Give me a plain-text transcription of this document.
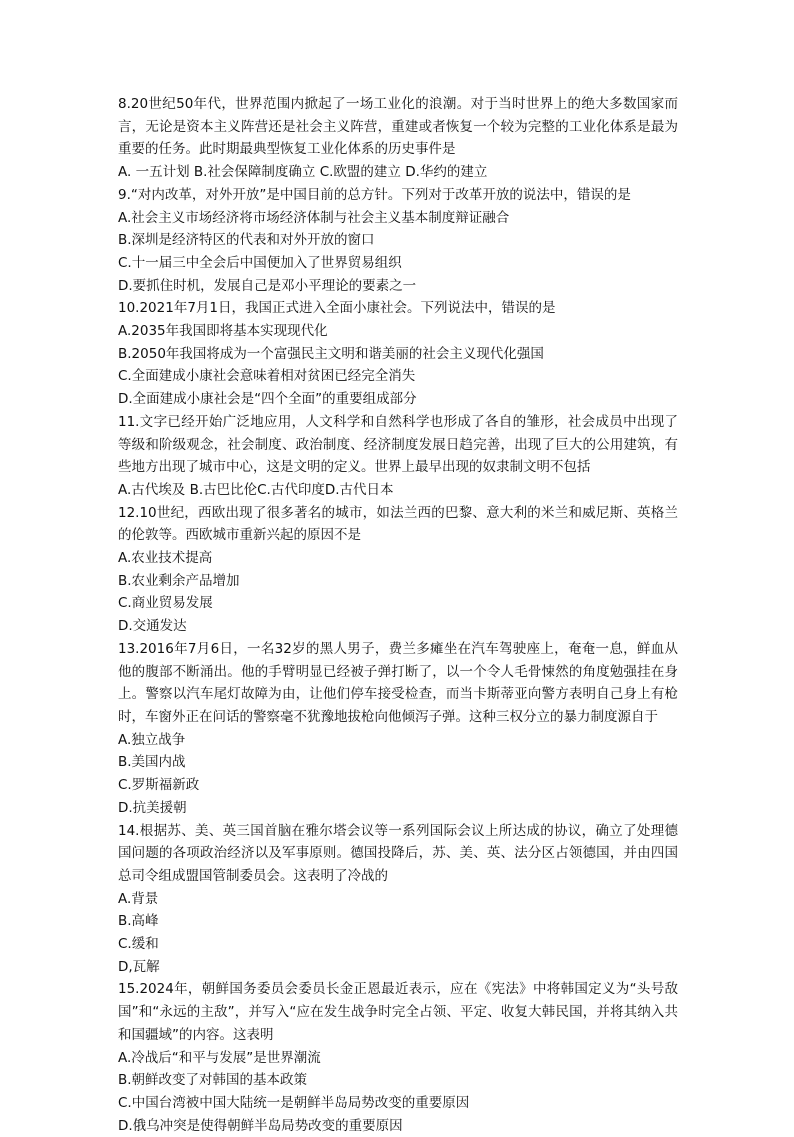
8.20世纪50年代，世界范围内掀起了一场工业化的浪潮。对于当时世界上的绝大多数国家而言，无论是资本主义阵营还是社会主义阵营，重建或者恢复一个较为完整的工业化体系是最为重要的任务。此时期最典型恢复工业化体系的历史事件是

A. 一五计划 B.社会保障制度确立 C.欧盟的建立 D.华约的建立

9.“对内改革，对外开放”是中国目前的总方针。下列对于改革开放的说法中，错误的是

A.社会主义市场经济将市场经济体制与社会主义基本制度辩证融合

B.深圳是经济特区的代表和对外开放的窗口

C.十一届三中全会后中国便加入了世界贸易组织

D.要抓住时机，发展自己是邓小平理论的要素之一

10.2021年7月1日，我国正式进入全面小康社会。下列说法中，错误的是

A.2035年我国即将基本实现现代化

B.2050年我国将成为一个富强民主文明和谐美丽的社会主义现代化强国

C.全面建成小康社会意味着相对贫困已经完全消失

D.全面建成小康社会是“四个全面”的重要组成部分

11.文字已经开始广泛地应用，人文科学和自然科学也形成了各自的雏形，社会成员中出现了等级和阶级观念，社会制度、政治制度、经济制度发展日趋完善，出现了巨大的公用建筑，有些地方出现了城市中心，这是文明的定义。世界上最早出现的奴隶制文明不包括

A.古代埃及 B.古巴比伦C.古代印度D.古代日本

12.10世纪，西欧出现了很多著名的城市，如法兰西的巴黎、意大利的米兰和威尼斯、英格兰的伦敦等。西欧城市重新兴起的原因不是

A.农业技术提高

B.农业剩余产品增加

C.商业贸易发展

D.交通发达

13.2016年7月6日，一名32岁的黑人男子，费兰多瘫坐在汽车驾驶座上，奄奄一息，鲜血从他的腹部不断涌出。他的手臂明显已经被子弹打断了，以一个令人毛骨悚然的角度勉强挂在身上。警察以汽车尾灯故障为由，让他们停车接受检查，而当卡斯蒂亚向警方表明自己身上有枪时，车窗外正在问话的警察毫不犹豫地拔枪向他倾泻子弹。这种三权分立的暴力制度源自于

A.独立战争

B.美国内战

C.罗斯福新政

D.抗美援朝

14.根据苏、美、英三国首脑在雅尔塔会议等一系列国际会议上所达成的协议，确立了处理德国问题的各项政治经济以及军事原则。德国投降后，苏、美、英、法分区占领德国，并由四国总司令组成盟国管制委员会。这表明了冷战的

A.背景

B.高峰

C.缓和

D,瓦解

15.2024年，朝鲜国务委员会委员长金正恩最近表示，应在《宪法》中将韩国定义为“头号敌国”和“永远的主敌”，并写入“应在发生战争时完全占领、平定、收复大韩民国，并将其纳入共和国疆域”的内容。这表明

A.冷战后“和平与发展”是世界潮流

B.朝鲜改变了对韩国的基本政策

C.中国台湾被中国大陆统一是朝鲜半岛局势改变的重要原因

D.俄乌冲突是使得朝鲜半岛局势改变的重要原因
